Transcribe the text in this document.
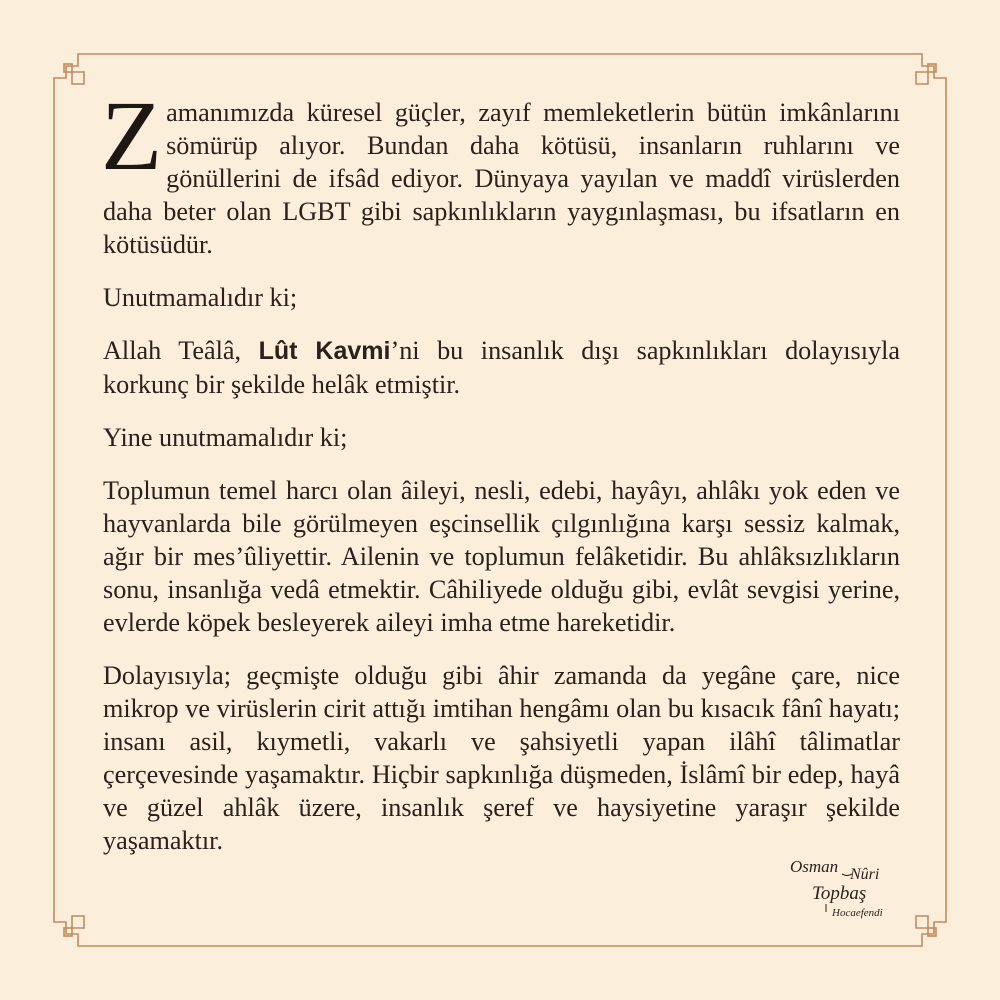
Zamanımızda küresel güçler, zayıf memleketlerin bütün imkânlarını sömürüp alıyor. Bundan daha kötüsü, insanların ruhlarını ve gönüllerini de ifsâd ediyor. Dünyaya yayılan ve maddî virüslerden daha beter olan LGBT gibi sapkınlıkların yaygınlaşması, bu ifsatların en kötüsüdür.

Unutmamalıdır ki;

Allah Teâlâ, Lût Kavmi’ni bu insanlık dışı sapkınlıkları dolayısıyla korkunç bir şekilde helâk etmiştir.

Yine unutmamalıdır ki;

Toplumun temel harcı olan âileyi, nesli, edebi, hayâyı, ahlâkı yok eden ve hayvanlarda bile görülmeyen eşcinsellik çılgınlığına karşı sessiz kalmak, ağır bir mes’ûliyettir. Ailenin ve toplumun felâketidir. Bu ahlâksızlıkların sonu, insanlığa vedâ etmektir. Câhiliyede olduğu gibi, evlât sevgisi yerine, evlerde köpek besleyerek aileyi imha etme hareketidir.

Dolayısıyla; geçmişte olduğu gibi âhir zamanda da yegâne çare, nice mikrop ve virüslerin cirit attığı imtihan hengâmı olan bu kısacık fânî hayatı; insanı asil, kıymetli, vakarlı ve şahsiyetli yapan ilâhî tâlimatlar çerçevesinde yaşamaktır. Hiçbir sapkınlığa düşmeden, İslâmî bir edep, hayâ ve güzel ahlâk üzere, insanlık şeref ve haysiyetine yaraşır şekilde yaşamaktır.

Osman Nûri
Topbaş
Hocaefendi
